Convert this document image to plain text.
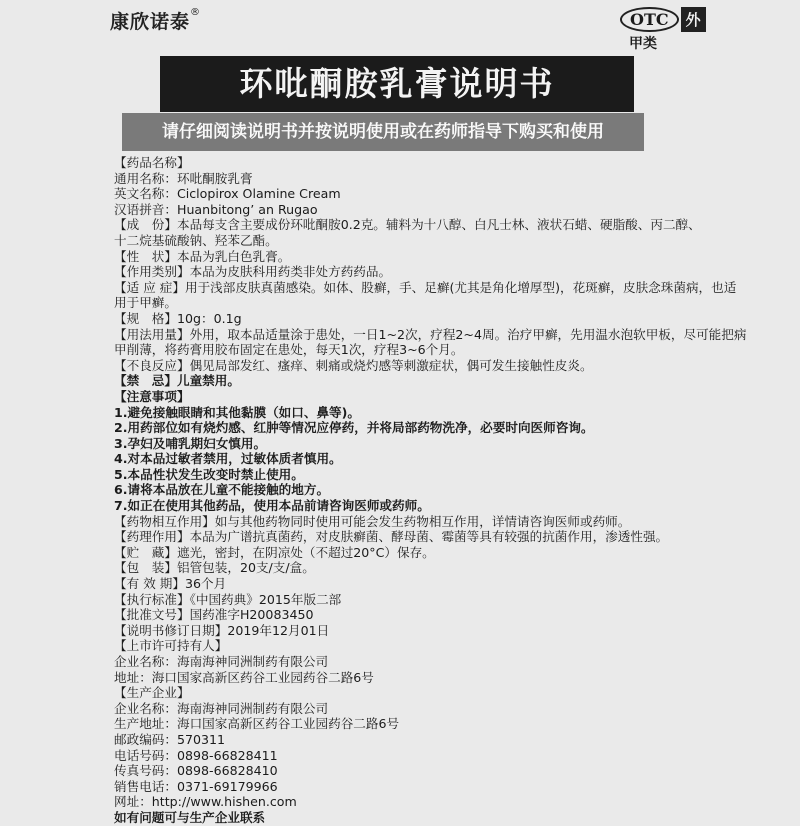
康欣诺泰®	OTC 外
甲类
环吡酮胺乳膏说明书
请仔细阅读说明书并按说明使用或在药师指导下购买和使用
【药品名称】
通用名称：环吡酮胺乳膏
英文名称：Ciclopirox Olamine Cream
汉语拼音：Huanbitong’ an Rugao
【成　份】本品每支含主要成份环吡酮胺0.2克。辅料为十八醇、白凡士林、液状石蜡、硬脂酸、丙二醇、
十二烷基硫酸钠、羟苯乙酯。
【性　状】本品为乳白色乳膏。
【作用类别】本品为皮肤科用药类非处方药药品。
【适 应 症】用于浅部皮肤真菌感染。如体、股癣，手、足癣(尤其是角化增厚型)，花斑癣，皮肤念珠菌病，也适
用于甲癣。
【规　格】10g：0.1g
【用法用量】外用，取本品适量涂于患处，一日1~2次，疗程2~4周。治疗甲癣，先用温水泡软甲板，尽可能把病
甲削薄，将药膏用胶布固定在患处，每天1次，疗程3~6个月。
【不良反应】偶见局部发红、瘙痒、刺痛或烧灼感等刺激症状，偶可发生接触性皮炎。
【禁　忌】儿童禁用。
【注意事项】
1.避免接触眼睛和其他黏膜（如口、鼻等)。
2.用药部位如有烧灼感、红肿等情况应停药，并将局部药物洗净，必要时向医师咨询。
3.孕妇及哺乳期妇女慎用。
4.对本品过敏者禁用，过敏体质者慎用。
5.本品性状发生改变时禁止使用。
6.请将本品放在儿童不能接触的地方。
7.如正在使用其他药品，使用本品前请咨询医师或药师。
【药物相互作用】如与其他药物同时使用可能会发生药物相互作用，详情请咨询医师或药师。
【药理作用】本品为广谱抗真菌药，对皮肤癣菌、酵母菌、霉菌等具有较强的抗菌作用，渗透性强。
【贮　藏】遮光，密封，在阴凉处（不超过20°C）保存。
【包　装】铝管包装，20支/支/盒。
【有 效 期】36个月
【执行标准】《中国药典》2015年版二部
【批准文号】国药准字H20083450
【说明书修订日期】2019年12月01日
【上市许可持有人】
企业名称：海南海神同洲制药有限公司
地址：海口国家高新区药谷工业园药谷二路6号
【生产企业】
企业名称：海南海神同洲制药有限公司
生产地址：海口国家高新区药谷工业园药谷二路6号
邮政编码：570311
电话号码：0898-66828411
传真号码：0898-66828410
销售电话：0371-69179966
网址：http://www.hishen.com
如有问题可与生产企业联系
